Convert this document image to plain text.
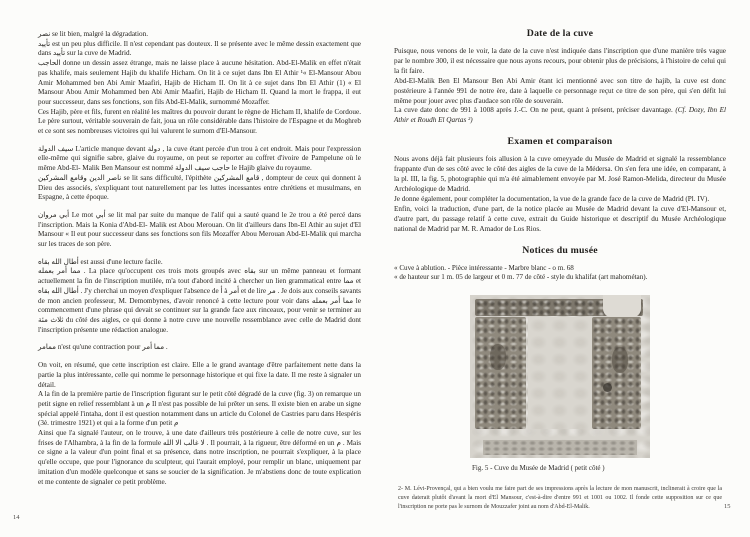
نصر se lit bien, malgré la dégradation.

تأييد est un peu plus difficile. Il n'est cependant pas douteux. Il se présente avec le même dessin exactement que dans تأييد sur la cuve de Madrid.

الحاجب donne un dessin assez étrange, mais ne laisse place à aucune hésitation. Abd-El-Malik en effet n'était pas khalife, mais seulement Hajib du khalife Hicham. On lit à ce sujet dans Ibn El Athir ¹« El-Mansour Abou Amir Mohammed ben Abi Amir Maafiri, Hajib de Hicham II. On lit à ce sujet dans Ibn El Athir (1) « El Mansour Abou Amir Mohammed ben Abi Amir Maafiri, Hajib de Hicham II. Quand la mort le frappa, il eut pour successeur, dans ses fonctions, son fils Abd-El-Malik, surnommé Mozaffer.

Ces Hajib, père et fils, furent en réalité les maîtres du pouvoir durant le règne de Hicham II, khalife de Cordoue. Le père surtout, véritable souverain de fait, joua un rôle considérable dans l'histoire de l'Espagne et du Moghreb et ce sont ses nombreuses victoires qui lui valurent le surnom d'El-Mansour.

سيف الدولة L'article manque devant دولة , la cuve étant percée d'un trou à cet endroit. Mais pour l'expression elle-même qui signifie sabre, glaive du royaume, on peut se reporter au coffret d'ivoire de Pampelune où le même Abd-El- Malik Ben Mansour est nommé حاجب سيف الدولة le Hajib glaive du royaume.

ناصر الدين وقامع المشركين se lit sans difficulté, l'épithète قامع المشركين , dompteur de ceux qui donnent à Dieu des associés, s'expliquant tout naturellement par les luttes incessantes entre chrétiens et musulmans, en Espagne, à cette époque.

أبي مروان Le mot أبي se lit mal par suite du manque de l'alif qui a sauté quand le 2e trou a été percé dans l'inscription. Mais la Konia d'Abd-El- Malik est Abou Merouan. On lit d'ailleurs dans Ibn-El Athir au sujet d'El Mansour « Il eut pour successeur dans ses fonctions son fils Mozaffer Abou Merouan Abd-El-Malik qui marcha sur les traces de son père.

أطال الله بقاه est aussi d'une lecture facile.

مما أمر بعمله . La place qu'occupent ces trois mots groupés avec بقاه sur un même panneau et formant actuellement la fin de l'inscription mutilée, m'a tout d'abord incité à chercher un lien grammatical entre مما et أطال الله بقاه . J'y cherchai un moyen d'expliquer l'absence de أ à أمر et de lire مر . Je dois aux conseils savants de mon ancien professeur, M. Demombynes, d'avoir renoncé à cette lecture pour voir dans مما أمر بعمله le commencement d'une phrase qui devait se continuer sur la grande face aux rinceaux, pour venir se terminer au ثلاث مئة du côté des aigles, ce qui donne à notre cuve une nouvelle ressemblance avec celle de Madrid dont l'inscription présente une rédaction analogue.

ممامر n'est qu'une contraction pour مما أمر .

On voit, en résumé, que cette inscription est claire. Elle a le grand avantage d'être parfaitement nette dans la partie la plus intéressante, celle qui nomme le personnage historique et qui fixe la date. Il me reste à signaler un détail.

A la fin de la première partie de l'inscription figurant sur le petit côté dégradé de la cuve (fig. 3) on remarque un petit signe en relief ressemblant à un م Il n'est pas possible de lui prêter un sens. Il existe bien en arabe un signe spécial appelé l'intaha, dont il est question notamment dans un article du Colonel de Castries paru dans Hespéris (3è. trimestre 1921) et qui a la forme d'un petit م

Ainsi que l'a signalé l'auteur, on le trouve, à une date d'ailleurs très postérieure à celle de notre cuve, sur les frises de l'Alhambra, à la fin de la formule لا غالب الا الله . Il pourrait, à la rigueur, être déformé en un م . Mais ce signe a la valeur d'un point final et sa présence, dans notre inscription, ne pourrait s'expliquer, à la place qu'elle occupe, que pour l'ignorance du sculpteur, qui l'aurait employé, pour remplir un blanc, uniquement par imitation d'un modèle quelconque et sans se soucier de la signification. Je m'abstiens donc de toute explication et me contente de signaler ce petit problème.

14

Date de la cuve

Puisque, nous venons de le voir, la date de la cuve n'est indiquée dans l'inscription que d'une manière très vague par le nombre 300, il est nécessaire que nous ayons recours, pour obtenir plus de précisions, à l'histoire de celui qui la fit faire.

Abd-El-Malik Ben El Mansour Ben Abi Amir étant ici mentionné avec son titre de hajib, la cuve est donc postérieure à l'année 991 de notre ère, date à laquelle ce personnage reçut ce titre de son père, qui s'en défit lui même pour jouer avec plus d'audace son rôle de souverain.

La cuve date donc de 991 à 1008 après J.-C. On ne peut, quant à présent, préciser davantage. (Cf. Dozy, Ibn El Athir et Roudh El Qartas ²)

Examen et comparaison

Nous avons déjà fait plusieurs fois allusion à la cuve omeyyade du Musée de Madrid et signalé la ressemblance frappante d'un de ses côté avec le côté des aigles de la cuve de la Médersa. On s'en fera une idée, en comparant, à la pl. III, la fig. 5, photographie qui m'a été aimablement envoyée par M. José Ramon-Melida, directeur du Musée Archéologique de Madrid.

Je donne également, pour compléter la documentation, la vue de la grande face de la cuve de Madrid (Pl. IV).

Enfin, voici la traduction, d'une part, de la notice placée au Musée de Madrid devant la cuve d'El-Mansour et, d'autre part, du passage relatif à cette cuve, extrait du Guide historique et descriptif du Musée Archéologique national de Madrid par M. R. Amador de Los Rios.

Notices du musée

« Cuve à ablution. - Pièce intéressante - Marbre blanc - o m. 68

« de hauteur sur 1 m. 05 de largeur et 0 m. 77 de côté - style du khalifat (art mahométan).

Fig. 5 - Cuve du Musée de Madrid ( petit côté )

2- M. Lévi-Provençal, qui a bien voulu me faire part de ses impressions après la lecture de mon manuscrit, inclinerait à croire que la cuve daterait plutôt d'avant la mort d'El Mansour, c'est-à-dire d'entre 991 et 1001 ou 1002. Il fonde cette supposition sur ce que l'inscription ne porte pas le surnom de Mouzzafer joint au nom d'Abd-El-Malik.	15
